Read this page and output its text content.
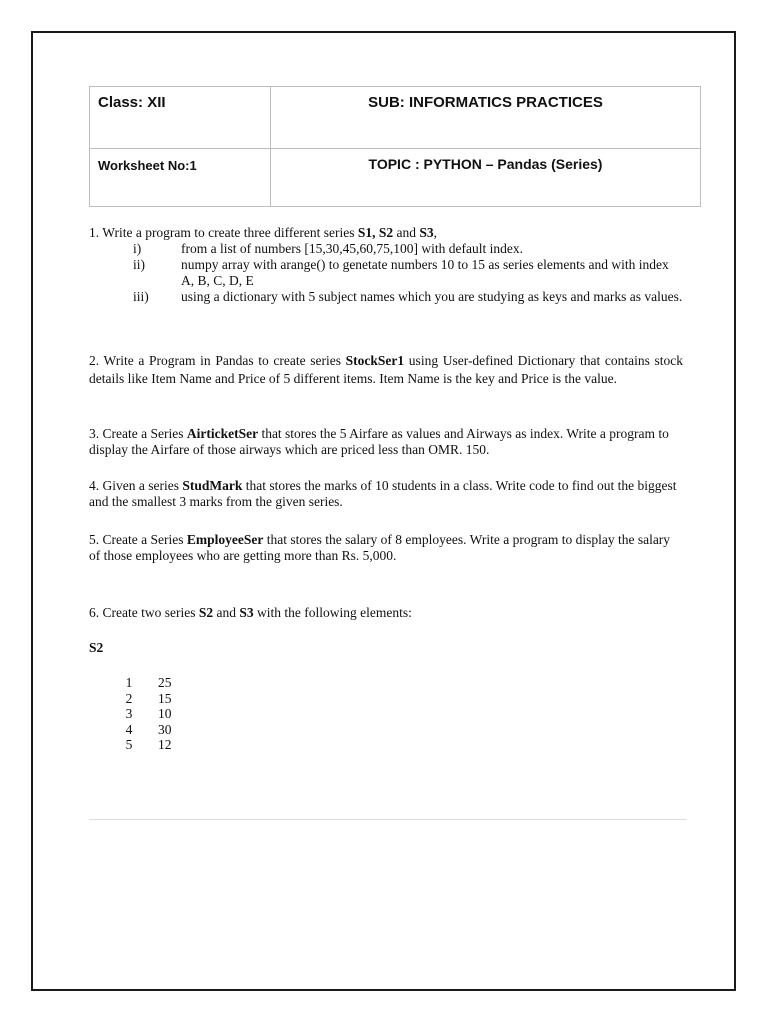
Class: XII	SUB: INFORMATICS PRACTICES

Worksheet No:1	TOPIC : PYTHON – Pandas (Series)
1. Write a program to create three different series S1, S2 and S3,
i)	from a list of numbers [15,30,45,60,75,100] with default index.
ii)	numpy array with arange() to genetate numbers 10 to 15 as series elements and with index A, B, C, D, E
iii) using a dictionary with 5 subject names which you are studying as keys and marks as values.
2. Write a Program in Pandas to create series StockSer1 using User-defined Dictionary that contains stock details like Item Name and Price of 5 different items. Item Name is the key and Price is the value.
3. Create a Series AirticketSer that stores the 5 Airfare as values and Airways as index. Write a program to display the Airfare of those airways which are priced less than OMR. 150.
4. Given a series StudMark that stores the marks of 10 students in a class. Write code to find out the biggest and the smallest 3 marks from the given series.
5. Create a Series EmployeeSer that stores the salary of 8 employees. Write a program to display the salary of those employees who are getting more than Rs. 5,000.
6. Create two series S2 and S3 with the following elements:
S2
1	25
2	15
3	10
4	30
5	12
